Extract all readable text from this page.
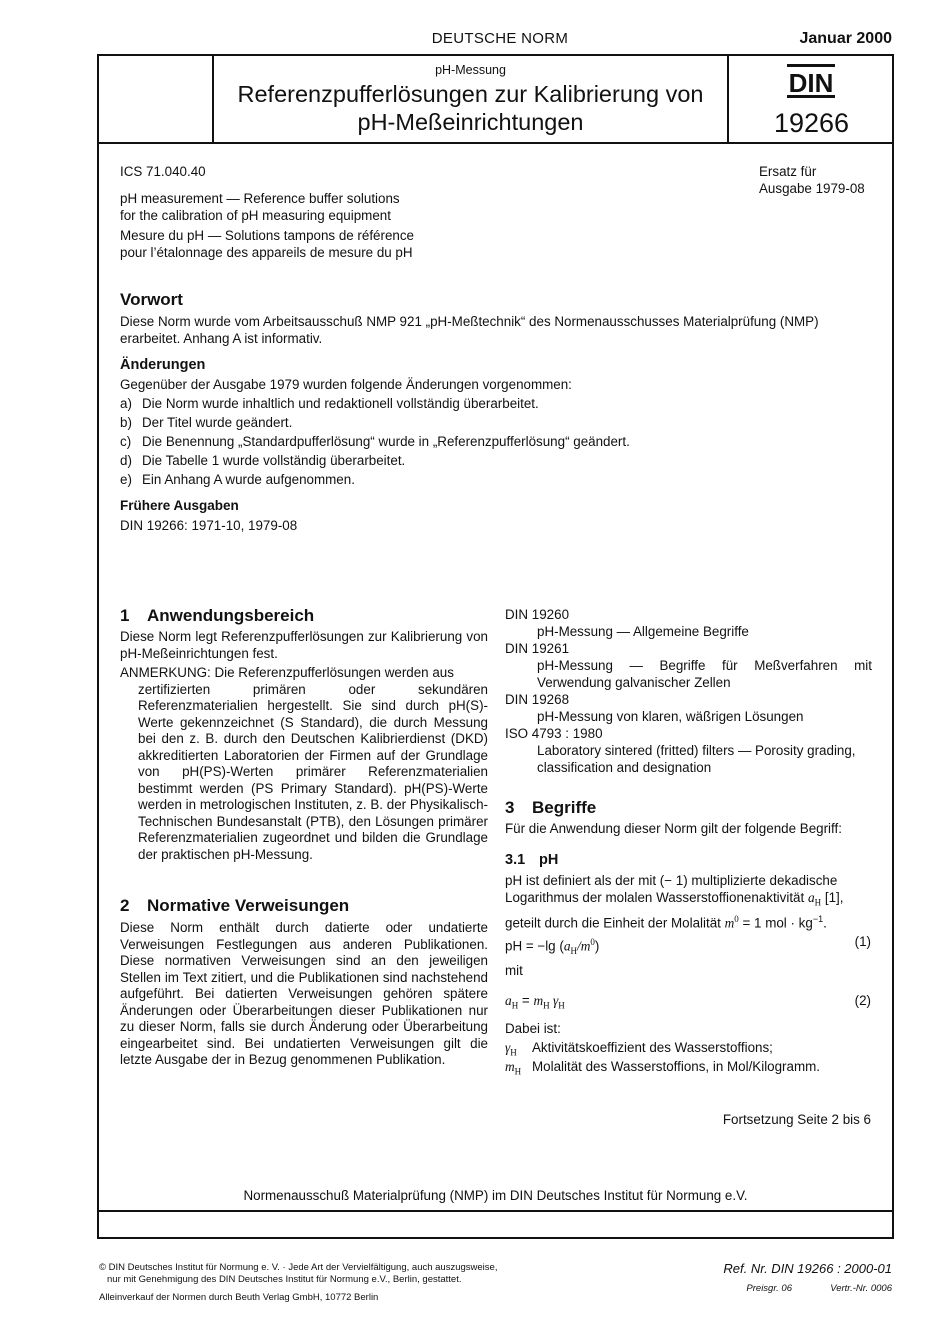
DEUTSCHE NORM	Januar 2000
pH-Messung
Referenzpufferlösungen zur Kalibrierung von
pH-Meßeinrichtungen
DIN
19266
ICS 71.040.40
pH measurement — Reference buffer solutions
for the calibration of pH measuring equipment
Mesure du pH — Solutions tampons de référence
pour l’étalonnage des appareils de mesure du pH
Ersatz für
Ausgabe 1979-08
Vorwort
Diese Norm wurde vom Arbeitsausschuß NMP 921 „pH-Meßtechnik“ des Normenausschusses Materialprüfung (NMP)
erarbeitet. Anhang A ist informativ.
Änderungen
Gegenüber der Ausgabe 1979 wurden folgende Änderungen vorgenommen:
a) Die Norm wurde inhaltlich und redaktionell vollständig überarbeitet.
b) Der Titel wurde geändert.
c) Die Benennung „Standardpufferlösung“ wurde in „Referenzpufferlösung“ geändert.
d) Die Tabelle 1 wurde vollständig überarbeitet.
e) Ein Anhang A wurde aufgenommen.
Frühere Ausgaben
DIN 19266: 1971-10, 1979-08
1 Anwendungsbereich
Diese Norm legt Referenzpufferlösungen zur Kalibrierung von pH-Meßeinrichtungen fest.
ANMERKUNG: Die Referenzpufferlösungen werden aus
zertifizierten primären oder sekundären Referenzmaterialien hergestellt. Sie sind durch pH(S)-Werte gekennzeichnet (S Standard), die durch Messung bei den z. B. durch den Deutschen Kalibrierdienst (DKD) akkreditierten Laboratorien der Firmen auf der Grundlage von pH(PS)-Werten primärer Referenzmaterialien bestimmt werden (PS Primary Standard). pH(PS)-Werte werden in metrologischen Instituten, z. B. der Physikalisch-Technischen Bundesanstalt (PTB), den Lösungen primärer Referenzmaterialien zugeordnet und bilden die Grundlage der praktischen pH-Messung.
2 Normative Verweisungen
Diese Norm enthält durch datierte oder undatierte Verweisungen Festlegungen aus anderen Publikationen. Diese normativen Verweisungen sind an den jeweiligen Stellen im Text zitiert, und die Publikationen sind nachstehend aufgeführt. Bei datierten Verweisungen gehören spätere Änderungen oder Überarbeitungen dieser Publikationen nur zu dieser Norm, falls sie durch Änderung oder Überarbeitung eingearbeitet sind. Bei undatierten Verweisungen gilt die letzte Ausgabe der in Bezug genommenen Publikation.
DIN 19260
pH-Messung — Allgemeine Begriffe
DIN 19261
pH-Messung — Begriffe für Meßverfahren mit Verwendung galvanischer Zellen
DIN 19268
pH-Messung von klaren, wäßrigen Lösungen
ISO 4793 : 1980
Laboratory sintered (fritted) filters — Porosity grading, classification and designation
3 Begriffe
Für die Anwendung dieser Norm gilt der folgende Begriff:
3.1 pH
pH ist definiert als der mit (− 1) multiplizierte dekadische
Logarithmus der molalen Wasserstoffionenaktivität $a_H$ [1],
geteilt durch die Einheit der Molalität $m^0 = 1$ mol · $kg^{-1}$.
pH = −lg $(a_H/m^0)$	(1)
mit
$a_H = m_H$ $\gamma_H$	(2)
Dabei ist:
$\gamma_H$ Aktivitätskoeffizient des Wasserstoffions;
$m_H$ Molalität des Wasserstoffions, in Mol/Kilogramm.
Fortsetzung Seite 2 bis 6
Normenausschuß Materialprüfung (NMP) im DIN Deutsches Institut für Normung e.V.
© DIN Deutsches Institut für Normung e. V. · Jede Art der Vervielfältigung, auch auszugsweise,
nur mit Genehmigung des DIN Deutsches Institut für Normung e.V., Berlin, gestattet.
Ref. Nr. DIN 19266 : 2000-01
Preisgr. 06	Vertr.-Nr. 0006
Alleinverkauf der Normen durch Beuth Verlag GmbH, 10772 Berlin
